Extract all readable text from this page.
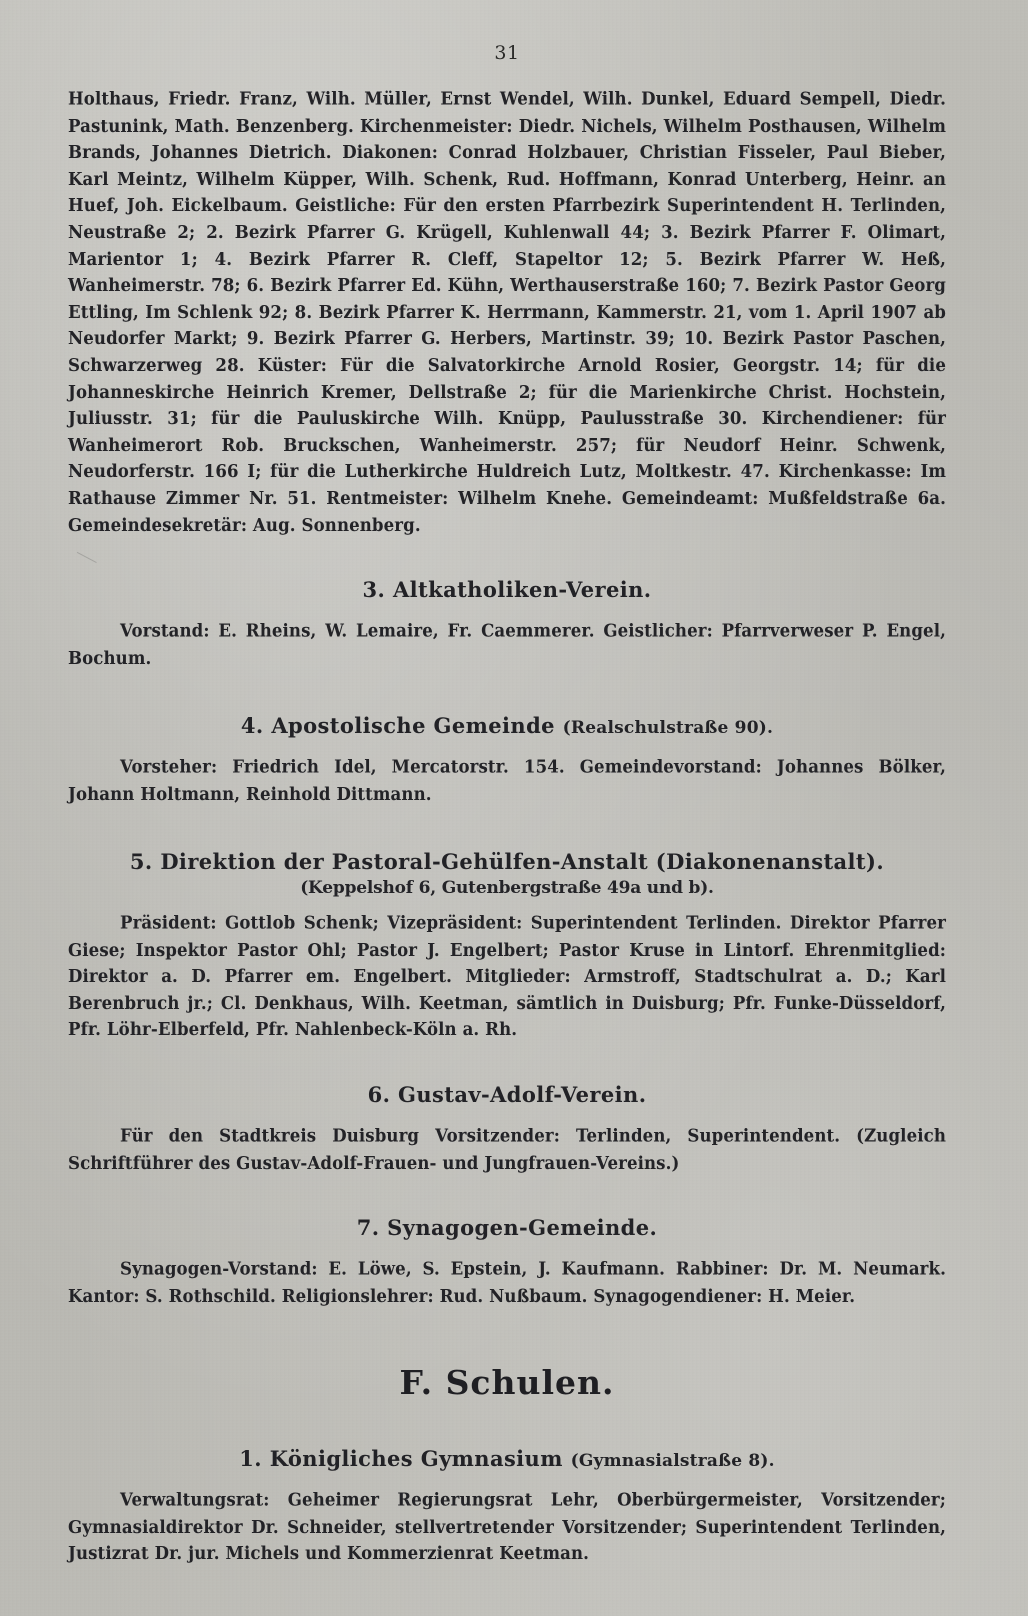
31

Holthaus, Friedr. Franz, Wilh. Müller, Ernst Wendel, Wilh. Dunkel, Eduard Sempell, Diedr. Pastunink, Math. Benzenberg. Kirchenmeister: Diedr. Nichels, Wilhelm Posthausen, Wilhelm Brands, Johannes Dietrich. Diakonen: Conrad Holzbauer, Christian Fisseler, Paul Bieber, Karl Meintz, Wilhelm Küpper, Wilh. Schenk, Rud. Hoffmann, Konrad Unterberg, Heinr. an Huef, Joh. Eickelbaum. Geistliche: Für den ersten Pfarrbezirk Superintendent H. Terlinden, Neustraße 2; 2. Bezirk Pfarrer G. Krügell, Kuhlenwall 44; 3. Bezirk Pfarrer F. Olimart, Marientor 1; 4. Bezirk Pfarrer R. Cleff, Stapeltor 12; 5. Bezirk Pfarrer W. Heß, Wanheimerstr. 78; 6. Bezirk Pfarrer Ed. Kühn, Werthauserstraße 160; 7. Bezirk Pastor Georg Ettling, Im Schlenk 92; 8. Bezirk Pfarrer K. Herrmann, Kammerstr. 21, vom 1. April 1907 ab Neudorfer Markt; 9. Bezirk Pfarrer G. Herbers, Martinstr. 39; 10. Bezirk Pastor Paschen, Schwarzerweg 28. Küster: Für die Salvatorkirche Arnold Rosier, Georgstr. 14; für die Johanneskirche Heinrich Kremer, Dellstraße 2; für die Marienkirche Christ. Hochstein, Juliusstr. 31; für die Pauluskirche Wilh. Knüpp, Paulusstraße 30. Kirchendiener: für Wanheimerort Rob. Bruckschen, Wanheimerstr. 257; für Neudorf Heinr. Schwenk, Neudorferstr. 166 I; für die Lutherkirche Huldreich Lutz, Moltkestr. 47. Kirchenkasse: Im Rathause Zimmer Nr. 51. Rentmeister: Wilhelm Knehe. Gemeindeamt: Mußfeldstraße 6a. Gemeindesekretär: Aug. Sonnenberg.

3. Altkatholiken-Verein.

Vorstand: E. Rheins, W. Lemaire, Fr. Caemmerer. Geistlicher: Pfarrverweser P. Engel, Bochum.

4. Apostolische Gemeinde (Realschulstraße 90).

Vorsteher: Friedrich Idel, Mercatorstr. 154. Gemeindevorstand: Johannes Bölker, Johann Holtmann, Reinhold Dittmann.

5. Direktion der Pastoral-Gehülfen-Anstalt (Diakonenanstalt).
(Keppelshof 6, Gutenbergstraße 49a und b).

Präsident: Gottlob Schenk; Vizepräsident: Superintendent Terlinden. Direktor Pfarrer Giese; Inspektor Pastor Ohl; Pastor J. Engelbert; Pastor Kruse in Lintorf. Ehrenmitglied: Direktor a. D. Pfarrer em. Engelbert. Mitglieder: Armstroff, Stadtschulrat a. D.; Karl Berenbruch jr.; Cl. Denkhaus, Wilh. Keetman, sämtlich in Duisburg; Pfr. Funke-Düsseldorf, Pfr. Löhr-Elberfeld, Pfr. Nahlenbeck-Köln a. Rh.

6. Gustav-Adolf-Verein.

Für den Stadtkreis Duisburg Vorsitzender: Terlinden, Superintendent. (Zugleich Schriftführer des Gustav-Adolf-Frauen- und Jungfrauen-Vereins.)

7. Synagogen-Gemeinde.

Synagogen-Vorstand: E. Löwe, S. Epstein, J. Kaufmann. Rabbiner: Dr. M. Neumark. Kantor: S. Rothschild. Religionslehrer: Rud. Nußbaum. Synagogendiener: H. Meier.

F. Schulen.
1. Königliches Gymnasium (Gymnasialstraße 8).

Verwaltungsrat: Geheimer Regierungsrat Lehr, Oberbürgermeister, Vorsitzender; Gymnasialdirektor Dr. Schneider, stellvertretender Vorsitzender; Superintendent Terlinden, Justizrat Dr. jur. Michels und Kommerzienrat Keetman.
